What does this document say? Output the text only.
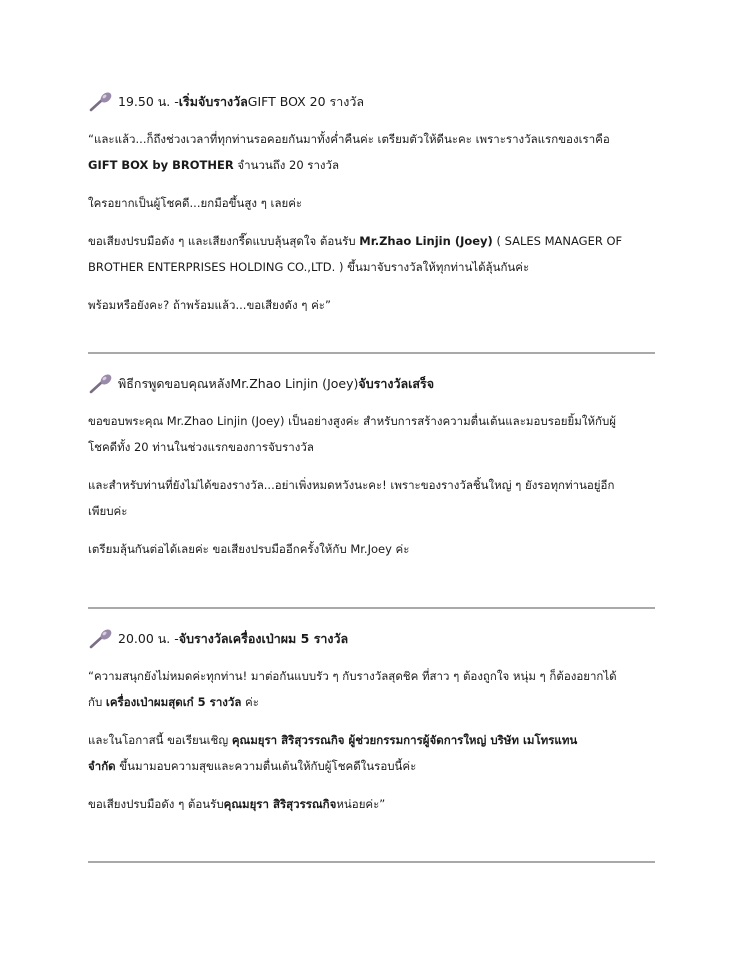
19.50 น. - เริ่มจับรางวัล GIFT BOX 20 รางวัล
“และแล้ว...ก็ถึงช่วงเวลาที่ทุกท่านรอคอยกันมาทั้งค่ำคืนค่ะ เตรียมตัวให้ดีนะคะ เพราะรางวัลแรกของเราคือ
GIFT BOX by BROTHER จำนวนถึง 20 รางวัล
ใครอยากเป็นผู้โชคดี...ยกมือขึ้นสูง ๆ เลยค่ะ
ขอเสียงปรบมือดัง ๆ และเสียงกรี๊ดแบบลุ้นสุดใจ ต้อนรับ Mr.Zhao Linjin (Joey) ( SALES MANAGER OF
BROTHER ENTERPRISES HOLDING CO.,LTD. ) ขึ้นมาจับรางวัลให้ทุกท่านได้ลุ้นกันค่ะ
พร้อมหรือยังคะ? ถ้าพร้อมแล้ว...ขอเสียงดัง ๆ ค่ะ”
พิธีกรพูดขอบคุณหลัง Mr.Zhao Linjin (Joey) จับรางวัลเสร็จ
ขอขอบพระคุณ Mr.Zhao Linjin (Joey) เป็นอย่างสูงค่ะ สำหรับการสร้างความตื่นเต้นและมอบรอยยิ้มให้กับผู้
โชคดีทั้ง 20 ท่านในช่วงแรกของการจับรางวัล
และสำหรับท่านที่ยังไม่ได้ของรางวัล...อย่าเพิ่งหมดหวังนะคะ! เพราะของรางวัลชิ้นใหญ่ ๆ ยังรอทุกท่านอยู่อีก
เพียบค่ะ
เตรียมลุ้นกันต่อได้เลยค่ะ ขอเสียงปรบมืออีกครั้งให้กับ Mr.Joey ค่ะ
20.00 น. - จับรางวัลเครื่องเป่าผม 5 รางวัล
“ความสนุกยังไม่หมดค่ะทุกท่าน! มาต่อกันแบบรัว ๆ กับรางวัลสุดชิค ที่สาว ๆ ต้องถูกใจ หนุ่ม ๆ ก็ต้องอยากได้
กับ เครื่องเป่าผมสุดเก๋ 5 รางวัล ค่ะ
และในโอกาสนี้ ขอเรียนเชิญ คุณมยุรา สิริสุวรรณกิจ ผู้ช่วยกรรมการผู้จัดการใหญ่ บริษัท เมโทรแทน
จำกัด ขึ้นมามอบความสุขและความตื่นเต้นให้กับผู้โชคดีในรอบนี้ค่ะ
ขอเสียงปรบมือดัง ๆ ต้อนรับคุณมยุรา สิริสุวรรณกิจหน่อยค่ะ”
